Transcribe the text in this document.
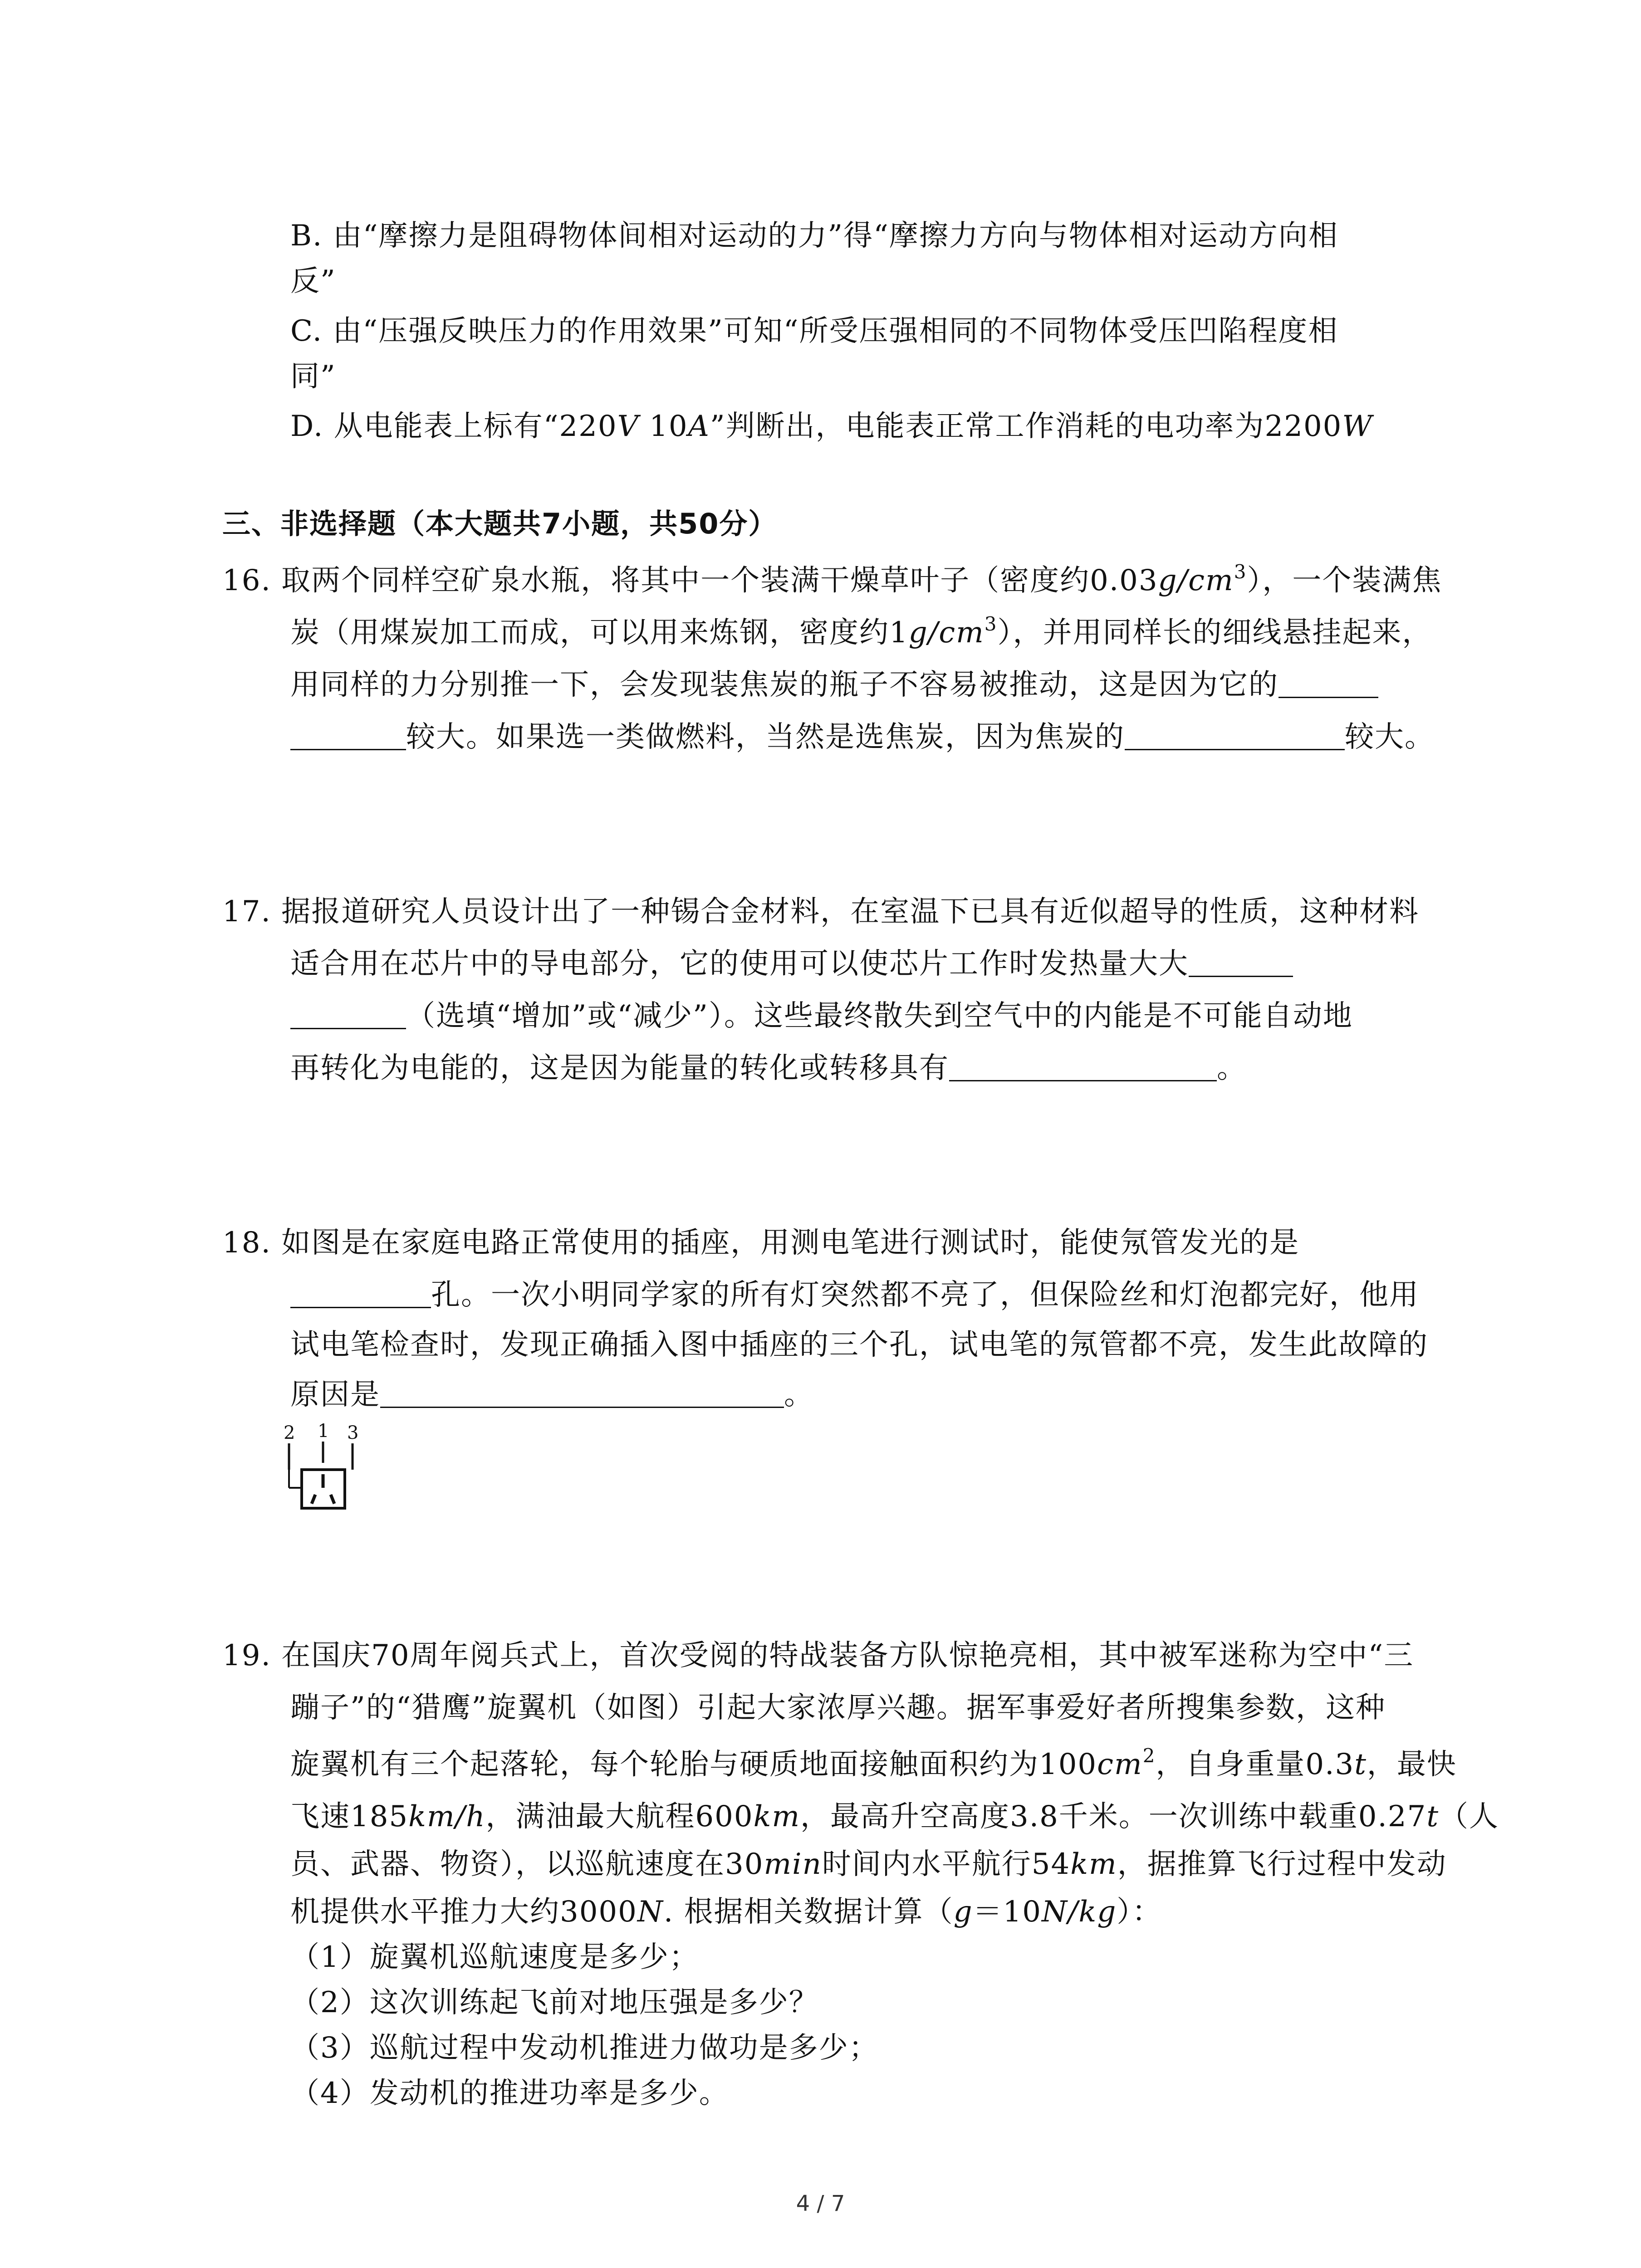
B. 由“摩擦力是阻碍物体间相对运动的力”得“摩擦力方向与物体相对运动方向相
反”
C. 由“压强反映压力的作用效果”可知“所受压强相同的不同物体受压凹陷程度相
同”
D. 从电能表上标有“220V 10A”判断出，电能表正常工作消耗的电功率为2200W
三、非选择题（本大题共7小题，共50分）
16. 取两个同样空矿泉水瓶，将其中一个装满干燥草叶子（密度约$0.03g/cm^3$），一个装满焦
炭（用煤炭加工而成，可以用来炼钢，密度约$1g/cm^3$），并用同样长的细线悬挂起来，
用同样的力分别推一下，会发现装焦炭的瓶子不容易被推动，这是因为它的
较大。如果选一类做燃料，当然是选焦炭，因为焦炭的	较大。
17. 据报道研究人员设计出了一种锡合金材料，在室温下已具有近似超导的性质，这种材料
适合用在芯片中的导电部分，它的使用可以使芯片工作时发热量大大
（选填“增加”或“减少”）。这些最终散失到空气中的内能是不可能自动地
再转化为电能的，这是因为能量的转化或转移具有	。
18. 如图是在家庭电路正常使用的插座，用测电笔进行测试时，能使氖管发光的是
孔。一次小明同学家的所有灯突然都不亮了，但保险丝和灯泡都完好，他用
试电笔检查时，发现正确插入图中插座的三个孔，试电笔的氖管都不亮，发生此故障的
原因是	。
2 1 3
19. 在国庆70周年阅兵式上，首次受阅的特战装备方队惊艳亮相，其中被军迷称为空中“三
蹦子”的“猎鹰”旋翼机（如图）引起大家浓厚兴趣。据军事爱好者所搜集参数，这种
旋翼机有三个起落轮，每个轮胎与硬质地面接触面积约为$100cm^2$，自身重量0.3t，最快
飞速185km/h，满油最大航程600km，最高升空高度3.8千米。一次训练中载重0.27t（人
员、武器、物资），以巡航速度在30min时间内水平航行54km，据推算飞行过程中发动
机提供水平推力大约3000N. 根据相关数据计算（g＝10N/kg）：
（1）旋翼机巡航速度是多少；
（2）这次训练起飞前对地压强是多少？
（3）巡航过程中发动机推进力做功是多少；
（4）发动机的推进功率是多少。
4 / 7
